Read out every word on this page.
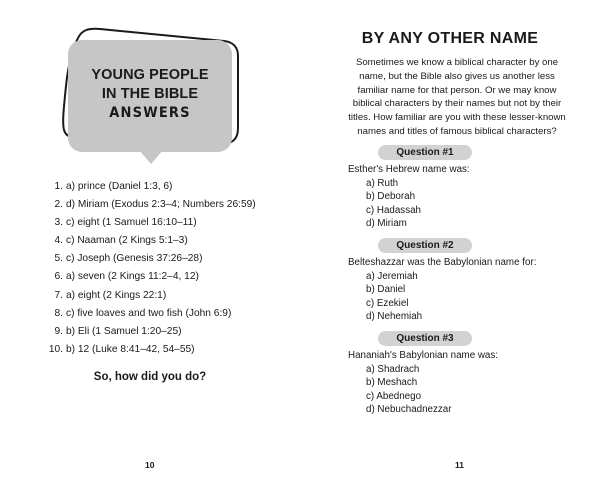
YOUNG PEOPLE
IN THE BIBLE
ANSWERS
1. a) prince (Daniel 1:3, 6)
2. d) Miriam (Exodus 2:3–4; Numbers 26:59)
3. c) eight (1 Samuel 16:10–11)
4. c) Naaman (2 Kings 5:1–3)
5. c) Joseph (Genesis 37:26–28)
6. a) seven (2 Kings 11:2–4, 12)
7. a) eight (2 Kings 22:1)
8. c) five loaves and two fish (John 6:9)
9. b) Eli (1 Samuel 1:20–25)
10. b) 12 (Luke 8:41–42, 54–55)
So, how did you do?
10
BY ANY OTHER NAME
Sometimes we know a biblical character by one name, but the Bible also gives us another less familiar name for that person. Or we may know biblical characters by their names but not by their titles. How familiar are you with these lesser-known names and titles of famous biblical characters?
Question #1
Esther's Hebrew name was:
a) Ruth
b) Deborah
c) Hadassah
d) Miriam
Question #2
Belteshazzar was the Babylonian name for:
a) Jeremiah
b) Daniel
c) Ezekiel
d) Nehemiah
Question #3
Hananiah's Babylonian name was:
a) Shadrach
b) Meshach
c) Abednego
d) Nebuchadnezzar
11
